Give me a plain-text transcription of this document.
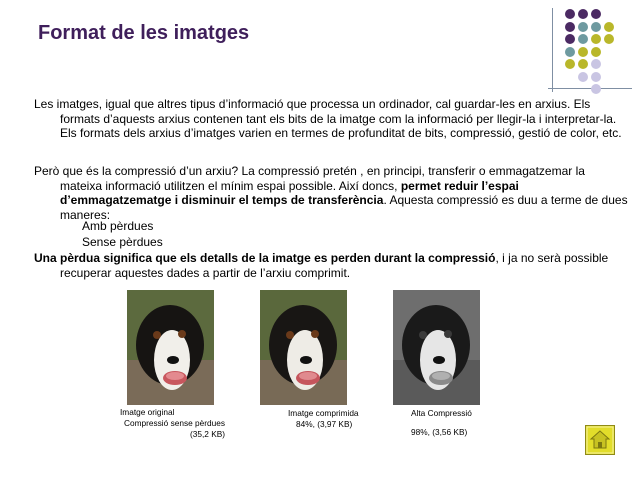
Format de les imatges

Les imatges, igual que altres tipus d’informació que processa un ordinador, cal guardar-les en arxius. Els formats d’aquests arxius contenen tant els bits de la imatge com la informació per llegir-la i interpretar-la. Els formats dels arxius d’imatges varien en termes de profunditat de bits, compressió, gestió de color, etc.

Però que és la compressió d’un arxiu? La compressió pretén , en principi, transferir o emmagatzemar la mateixa informació utilitzen el mínim espai possible. Així doncs, permet reduir l’espai d’emmagatzematge i disminuir el temps de transferència. Aquesta compressió es duu a terme de dues maneres:

Amb pèrdues
Sense pèrdues

Una pèrdua significa que els detalls de la imatge es perden durant la compressió, i ja no serà possible recuperar aquestes dades a partir de l’arxiu comprimit.

Imatge original
Compressió sense pèrdues
(35,2 KB)
Imatge comprimida
84%, (3,97 KB)
Alta Compressió
98%, (3,56 KB)
